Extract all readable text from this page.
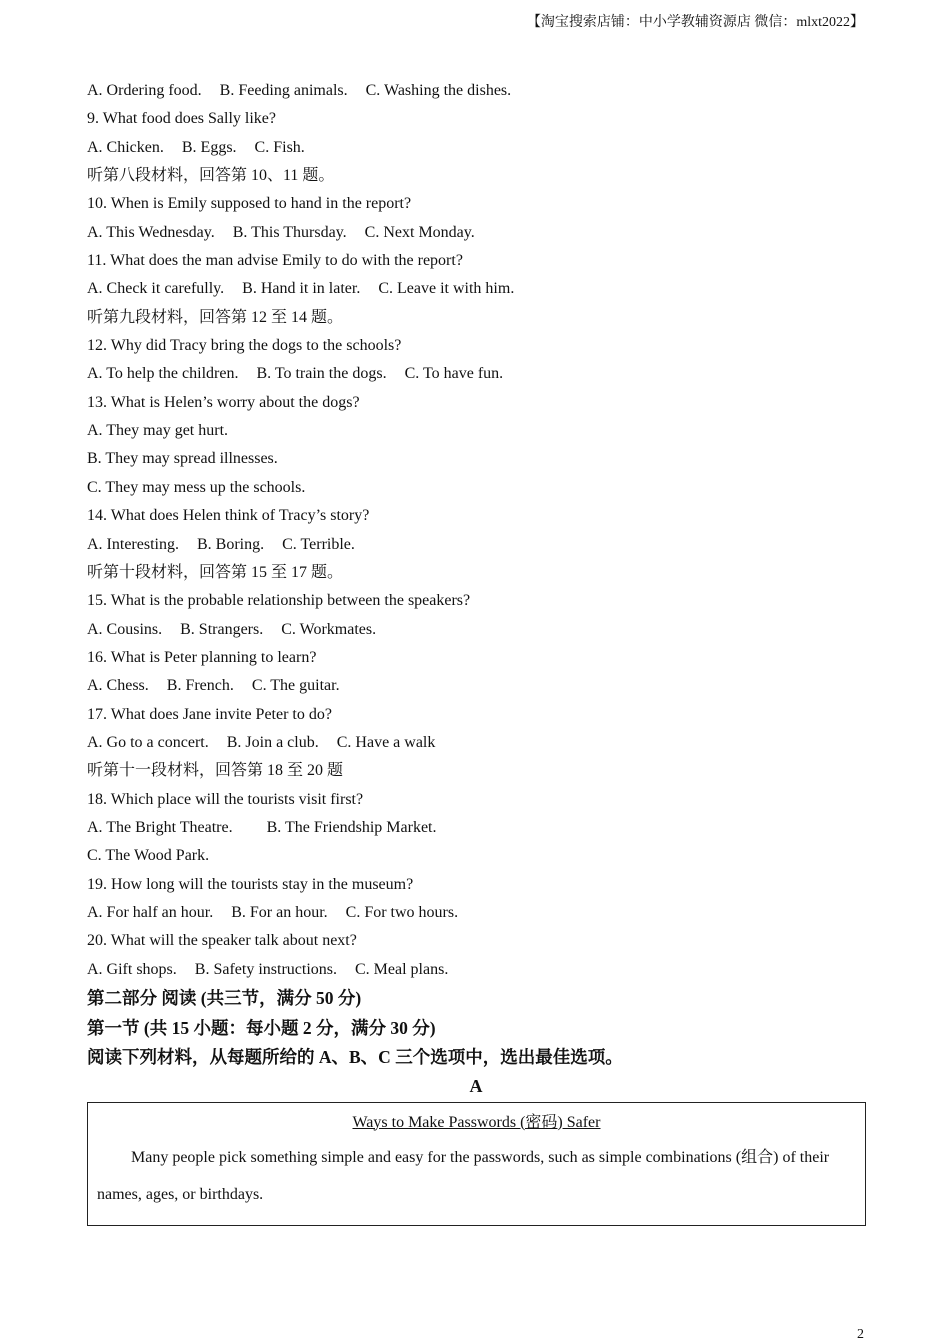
【淘宝搜索店铺：中小学教辅资源店 微信：mlxt2022】
A. Ordering food. B. Feeding animals. C. Washing the dishes.
9. What food does Sally like?
A. Chicken. B. Eggs. C. Fish.
听第八段材料，回答第 10、11 题。
10. When is Emily supposed to hand in the report?
A. This Wednesday. B. This Thursday. C. Next Monday.
11. What does the man advise Emily to do with the report?
A. Check it carefully. B. Hand it in later. C. Leave it with him.
听第九段材料，回答第 12 至 14 题。
12. Why did Tracy bring the dogs to the schools?
A. To help the children. B. To train the dogs. C. To have fun.
13. What is Helen’s worry about the dogs?
A. They may get hurt.
B. They may spread illnesses.
C. They may mess up the schools.
14. What does Helen think of Tracy’s story?
A. Interesting. B. Boring. C. Terrible.
听第十段材料，回答第 15 至 17 题。
15. What is the probable relationship between the speakers?
A. Cousins. B. Strangers. C. Workmates.
16. What is Peter planning to learn?
A. Chess. B. French. C. The guitar.
17. What does Jane invite Peter to do?
A. Go to a concert. B. Join a club. C. Have a walk
听第十一段材料，回答第 18 至 20 题
18. Which place will the tourists visit first?
A. The Bright Theatre. B. The Friendship Market.
C. The Wood Park.
19. How long will the tourists stay in the museum?
A. For half an hour. B. For an hour. C. For two hours.
20. What will the speaker talk about next?
A. Gift shops. B. Safety instructions. C. Meal plans.
第二部分 阅读 (共三节，满分 50 分)
第一节 (共 15 小题：每小题 2 分，满分 30 分)
阅读下列材料，从每题所给的 A、B、C 三个选项中，选出最佳选项。
A
Ways to Make Passwords (密码) Safer
Many people pick something simple and easy for the passwords, such as simple combinations (组合) of their names, ages, or birthdays.
2
